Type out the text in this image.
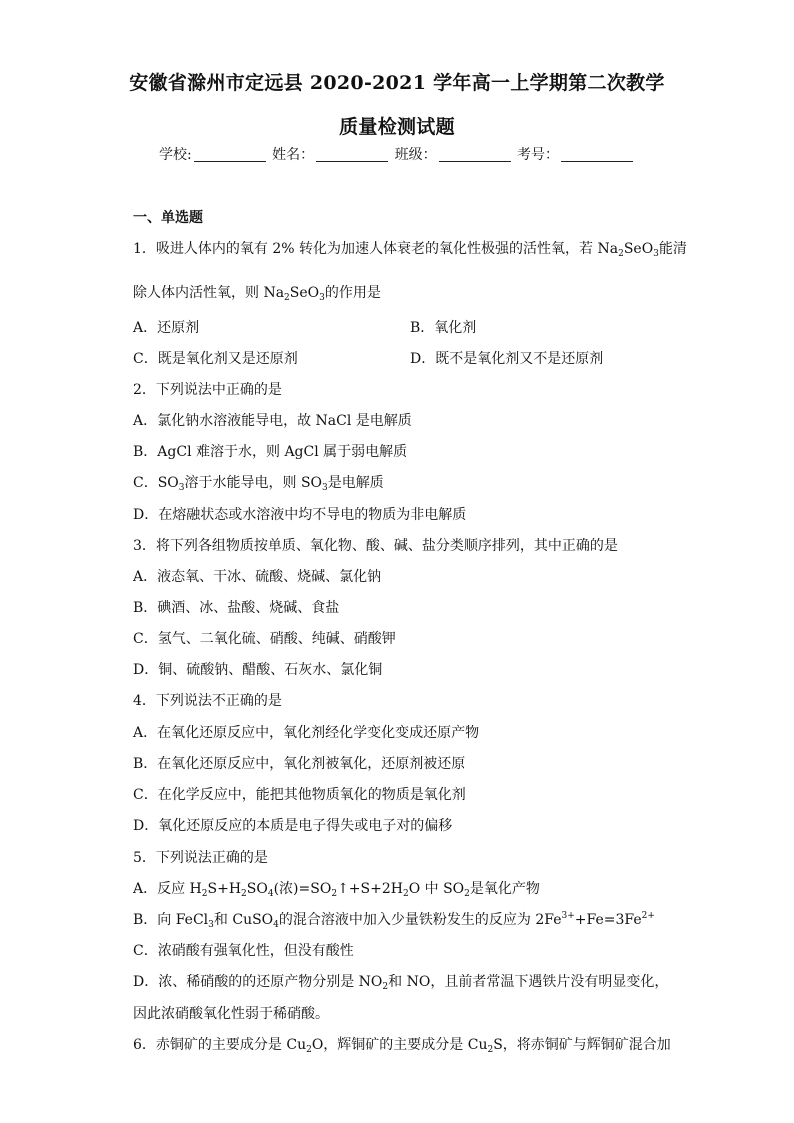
安徽省滁州市定远县 2020-2021 学年高一上学期第二次教学
质量检测试题
学校:	姓名：	班级：	考号：
一、单选题
1．吸进人体内的氧有 2% 转化为加速人体衰老的氧化性极强的活性氧，若 $Na_2SeO_3$能清
除人体内活性氧，则 $Na_2SeO_3$的作用是
A．还原剂	B．氧化剂
C．既是氧化剂又是还原剂	D．既不是氧化剂又不是还原剂
2．下列说法中正确的是
A．氯化钠水溶液能导电，故 NaCl 是电解质
B．AgCl 难溶于水，则 AgCl 属于弱电解质
C．$SO_3$溶于水能导电，则 $SO_3$是电解质
D．在熔融状态或水溶液中均不导电的物质为非电解质
3．将下列各组物质按单质、氧化物、酸、碱、盐分类顺序排列，其中正确的是
A．液态氧、干冰、硫酸、烧碱、氯化钠
B．碘酒、冰、盐酸、烧碱、食盐
C．氢气、二氧化硫、硝酸、纯碱、硝酸钾
D．铜、硫酸钠、醋酸、石灰水、氯化铜
4．下列说法不正确的是
A．在氧化还原反应中，氧化剂经化学变化变成还原产物
B．在氧化还原反应中，氧化剂被氧化，还原剂被还原
C．在化学反应中，能把其他物质氧化的物质是氧化剂
D．氧化还原反应的本质是电子得失或电子对的偏移
5．下列说法正确的是
A．反应 $H_2S+H_2SO_4$(浓)$=SO_2↑+S+2H_2O$ 中 $SO_2$是氧化产物
B．向 FeCl$_3$和 CuSO$_4$的混合溶液中加入少量铁粉发生的反应为 $2Fe^{3+}+Fe=3Fe^{2+}$
C．浓硝酸有强氧化性，但没有酸性
D．浓、稀硝酸的的还原产物分别是 $NO_2$和 NO，且前者常温下遇铁片没有明显变化，
因此浓硝酸氧化性弱于稀硝酸。
6．赤铜矿的主要成分是 $Cu_2O$，辉铜矿的主要成分是 $Cu_2S$，将赤铜矿与辉铜矿混合加
